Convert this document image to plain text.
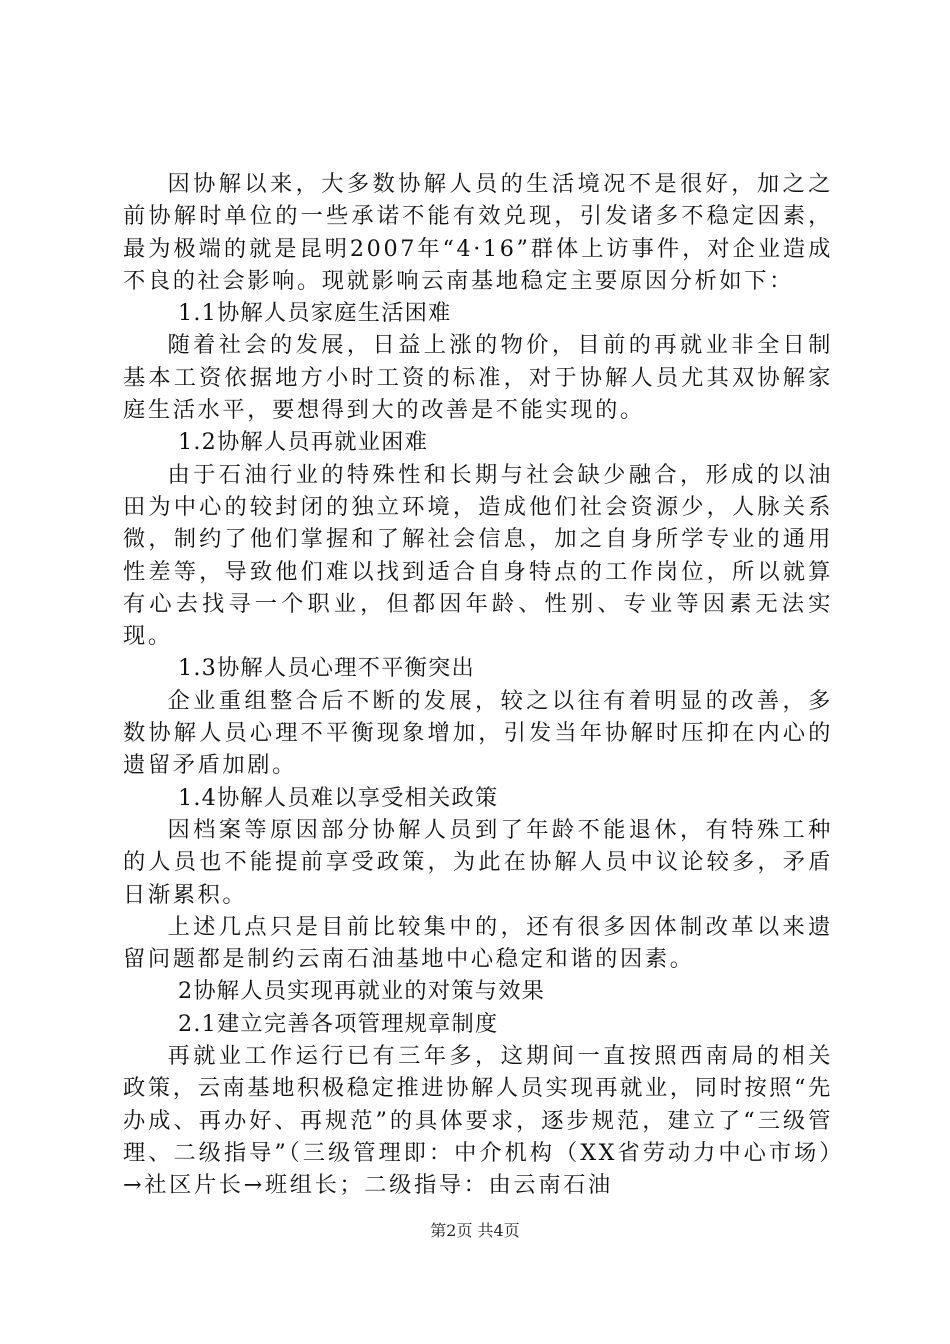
因协解以来，大多数协解人员的生活境况不是很好，加之之前协解时单位的一些承诺不能有效兑现，引发诸多不稳定因素，最为极端的就是昆明2007年“4·16”群体上访事件，对企业造成不良的社会影响。现就影响云南基地稳定主要原因分析如下：
1.1协解人员家庭生活困难
随着社会的发展，日益上涨的物价，目前的再就业非全日制基本工资依据地方小时工资的标准，对于协解人员尤其双协解家庭生活水平，要想得到大的改善是不能实现的。
1.2协解人员再就业困难
由于石油行业的特殊性和长期与社会缺少融合，形成的以油田为中心的较封闭的独立环境，造成他们社会资源少，人脉关系微，制约了他们掌握和了解社会信息，加之自身所学专业的通用性差等，导致他们难以找到适合自身特点的工作岗位，所以就算有心去找寻一个职业，但都因年龄、性别、专业等因素无法实现。
1.3协解人员心理不平衡突出
企业重组整合后不断的发展，较之以往有着明显的改善，多数协解人员心理不平衡现象增加，引发当年协解时压抑在内心的遗留矛盾加剧。
1.4协解人员难以享受相关政策
因档案等原因部分协解人员到了年龄不能退休，有特殊工种的人员也不能提前享受政策，为此在协解人员中议论较多，矛盾日渐累积。
上述几点只是目前比较集中的，还有很多因体制改革以来遗留问题都是制约云南石油基地中心稳定和谐的因素。
2协解人员实现再就业的对策与效果
2.1建立完善各项管理规章制度
再就业工作运行已有三年多，这期间一直按照西南局的相关政策，云南基地积极稳定推进协解人员实现再就业，同时按照“先办成、再办好、再规范”的具体要求，逐步规范，建立了“三级管理、二级指导”（三级管理即：中介机构（XX省劳动力中心市场）→社区片长→班组长；二级指导：由云南石油
第2页 共4页
